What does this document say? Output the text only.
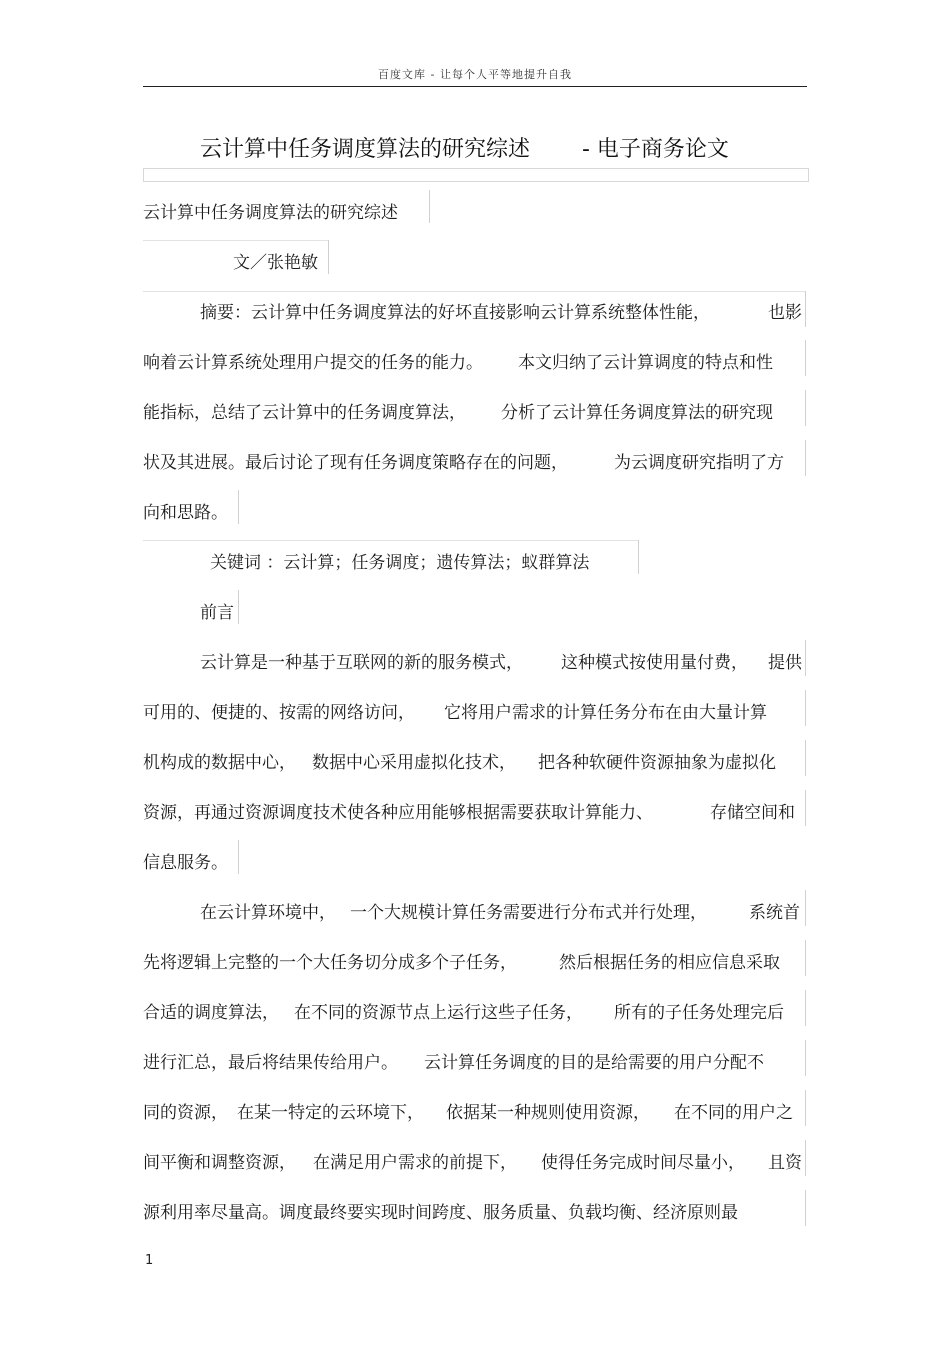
百度文库 - 让每个人平等地提升自我
云计算中任务调度算法的研究综述 - 电子商务论文
云计算中任务调度算法的研究综述
文／张艳敏
摘要：云计算中任务调度算法的好坏直接影响云计算系统整体性能，	也影
响着云计算系统处理用户提交的任务的能力。 本文归纳了云计算调度的特点和性
能指标，总结了云计算中的任务调度算法， 分析了云计算任务调度算法的研究现
状及其进展。最后讨论了现有任务调度策略存在的问题，	为云调度研究指明了方
向和思路。
关键词 ：云计算；任务调度；遗传算法；蚁群算法
前言
云计算是一种基于互联网的新的服务模式， 这种模式按使用量付费， 提供
可用的、便捷的、按需的网络访问， 它将用户需求的计算任务分布在由大量计算
机构成的数据中心， 数据中心采用虚拟化技术， 把各种软硬件资源抽象为虚拟化
资源，再通过资源调度技术使各种应用能够根据需要获取计算能力、	存储空间和
信息服务。
在云计算环境中， 一个大规模计算任务需要进行分布式并行处理， 系统首
先将逻辑上完整的一个大任务切分成多个子任务， 然后根据任务的相应信息采取
合适的调度算法， 在不同的资源节点上运行这些子任务， 所有的子任务处理完后
进行汇总，最后将结果传给用户。 云计算任务调度的目的是给需要的用户分配不
同的资源， 在某一特定的云环境下， 依据某一种规则使用资源， 在不同的用户之
间平衡和调整资源， 在满足用户需求的前提下， 使得任务完成时间尽量小， 且资
源利用率尽量高。调度最终要实现时间跨度、服务质量、负载均衡、经济原则最
1
